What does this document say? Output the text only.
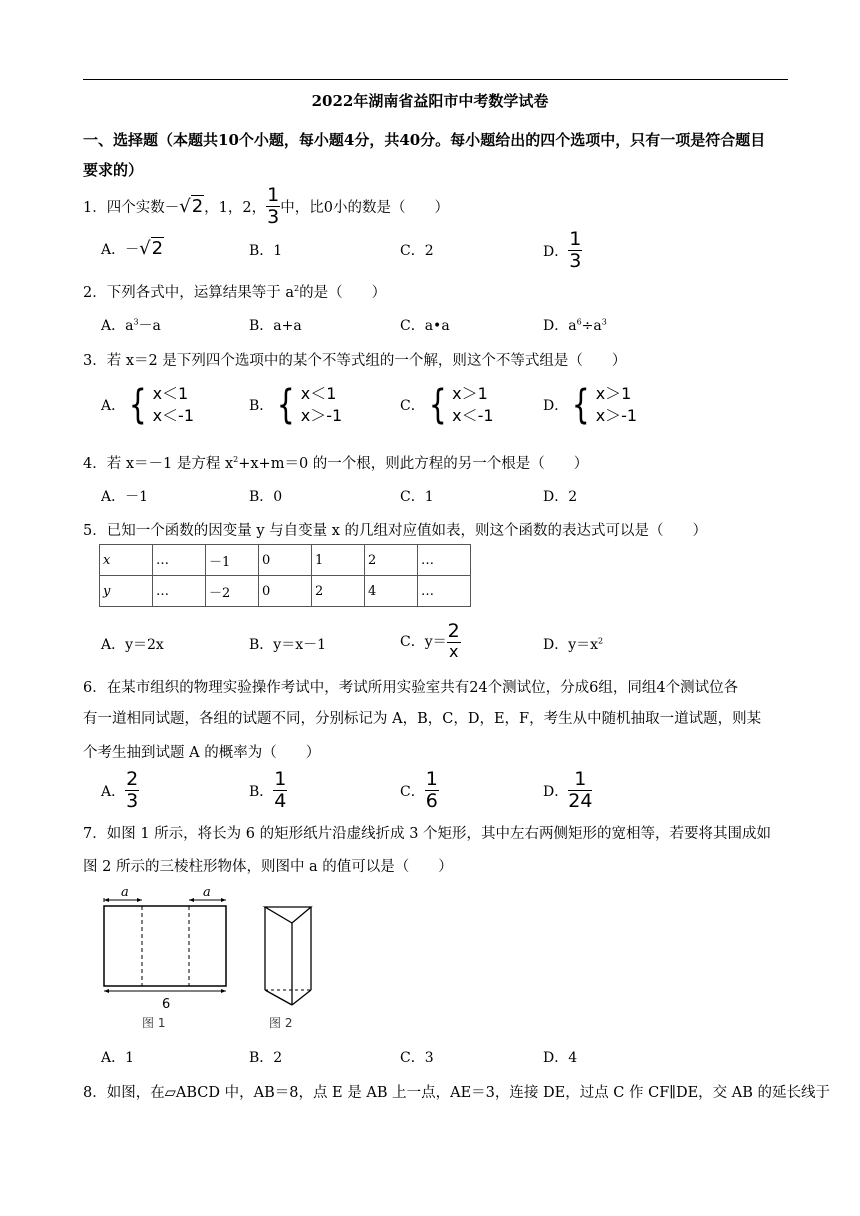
2022年湖南省益阳市中考数学试卷
一、选择题（本题共10个小题，每小题4分，共40分。每小题给出的四个选项中，只有一项是符合题目
要求的）
1．四个实数－ √2 ，1，2， $\frac{1}{3}$ 中，比0小的数是（　　）
A．－ √2	B．1	C．2	D． $\frac{1}{3}$
2．下列各式中，运算结果等于 $a^2$的是（　　）
A．$a^3-a$	B．a+a	C．a•a	D．$a^6\div a^3$
3．若 x＝2 是下列四个选项中的某个不等式组的一个解，则这个不等式组是（　　）
A． { x＜1
x＜-1	B． { x＜1
x＞-1	C． { x＞1
x＜-1	D． { x＞1
x＞-1
4．若 x＝－1 是方程 $x^2+x+m=0$ 的一个根，则此方程的另一个根是（　　）
A．－1	B．0	C．1	D．2
5．已知一个函数的因变量 y 与自变量 x 的几组对应值如表，则这个函数的表达式可以是（　　）
x	…	－1	0	1	2	…
y	…	－2	0	2	4	…
A．y＝2x	B．y＝x－1	C．$y= \frac{2}{x}$	D．$y=x^2$
6．在某市组织的物理实验操作考试中，考试所用实验室共有24个测试位，分成6组，同组4个测试位各
有一道相同试题，各组的试题不同，分别标记为 A，B，C，D，E，F，考生从中随机抽取一道试题，则某
个考生抽到试题 A 的概率为（　　）
A． $\frac{2}{3}$	B． $\frac{1}{4}$	C． $\frac{1}{6}$	D． $\frac{1}{24}$
7．如图 1 所示，将长为 6 的矩形纸片沿虚线折成 3 个矩形，其中左右两侧矩形的宽相等，若要将其围成如
图 2 所示的三棱柱形物体，则图中 a 的值可以是（　　）
a	a
6
图 1	图 2
A．1	B．2	C．3	D．4
8．如图，在▱ABCD 中，AB＝8，点 E 是 AB 上一点，AE＝3，连接 DE，过点 C 作 CF∥DE，交 AB 的延长线于
